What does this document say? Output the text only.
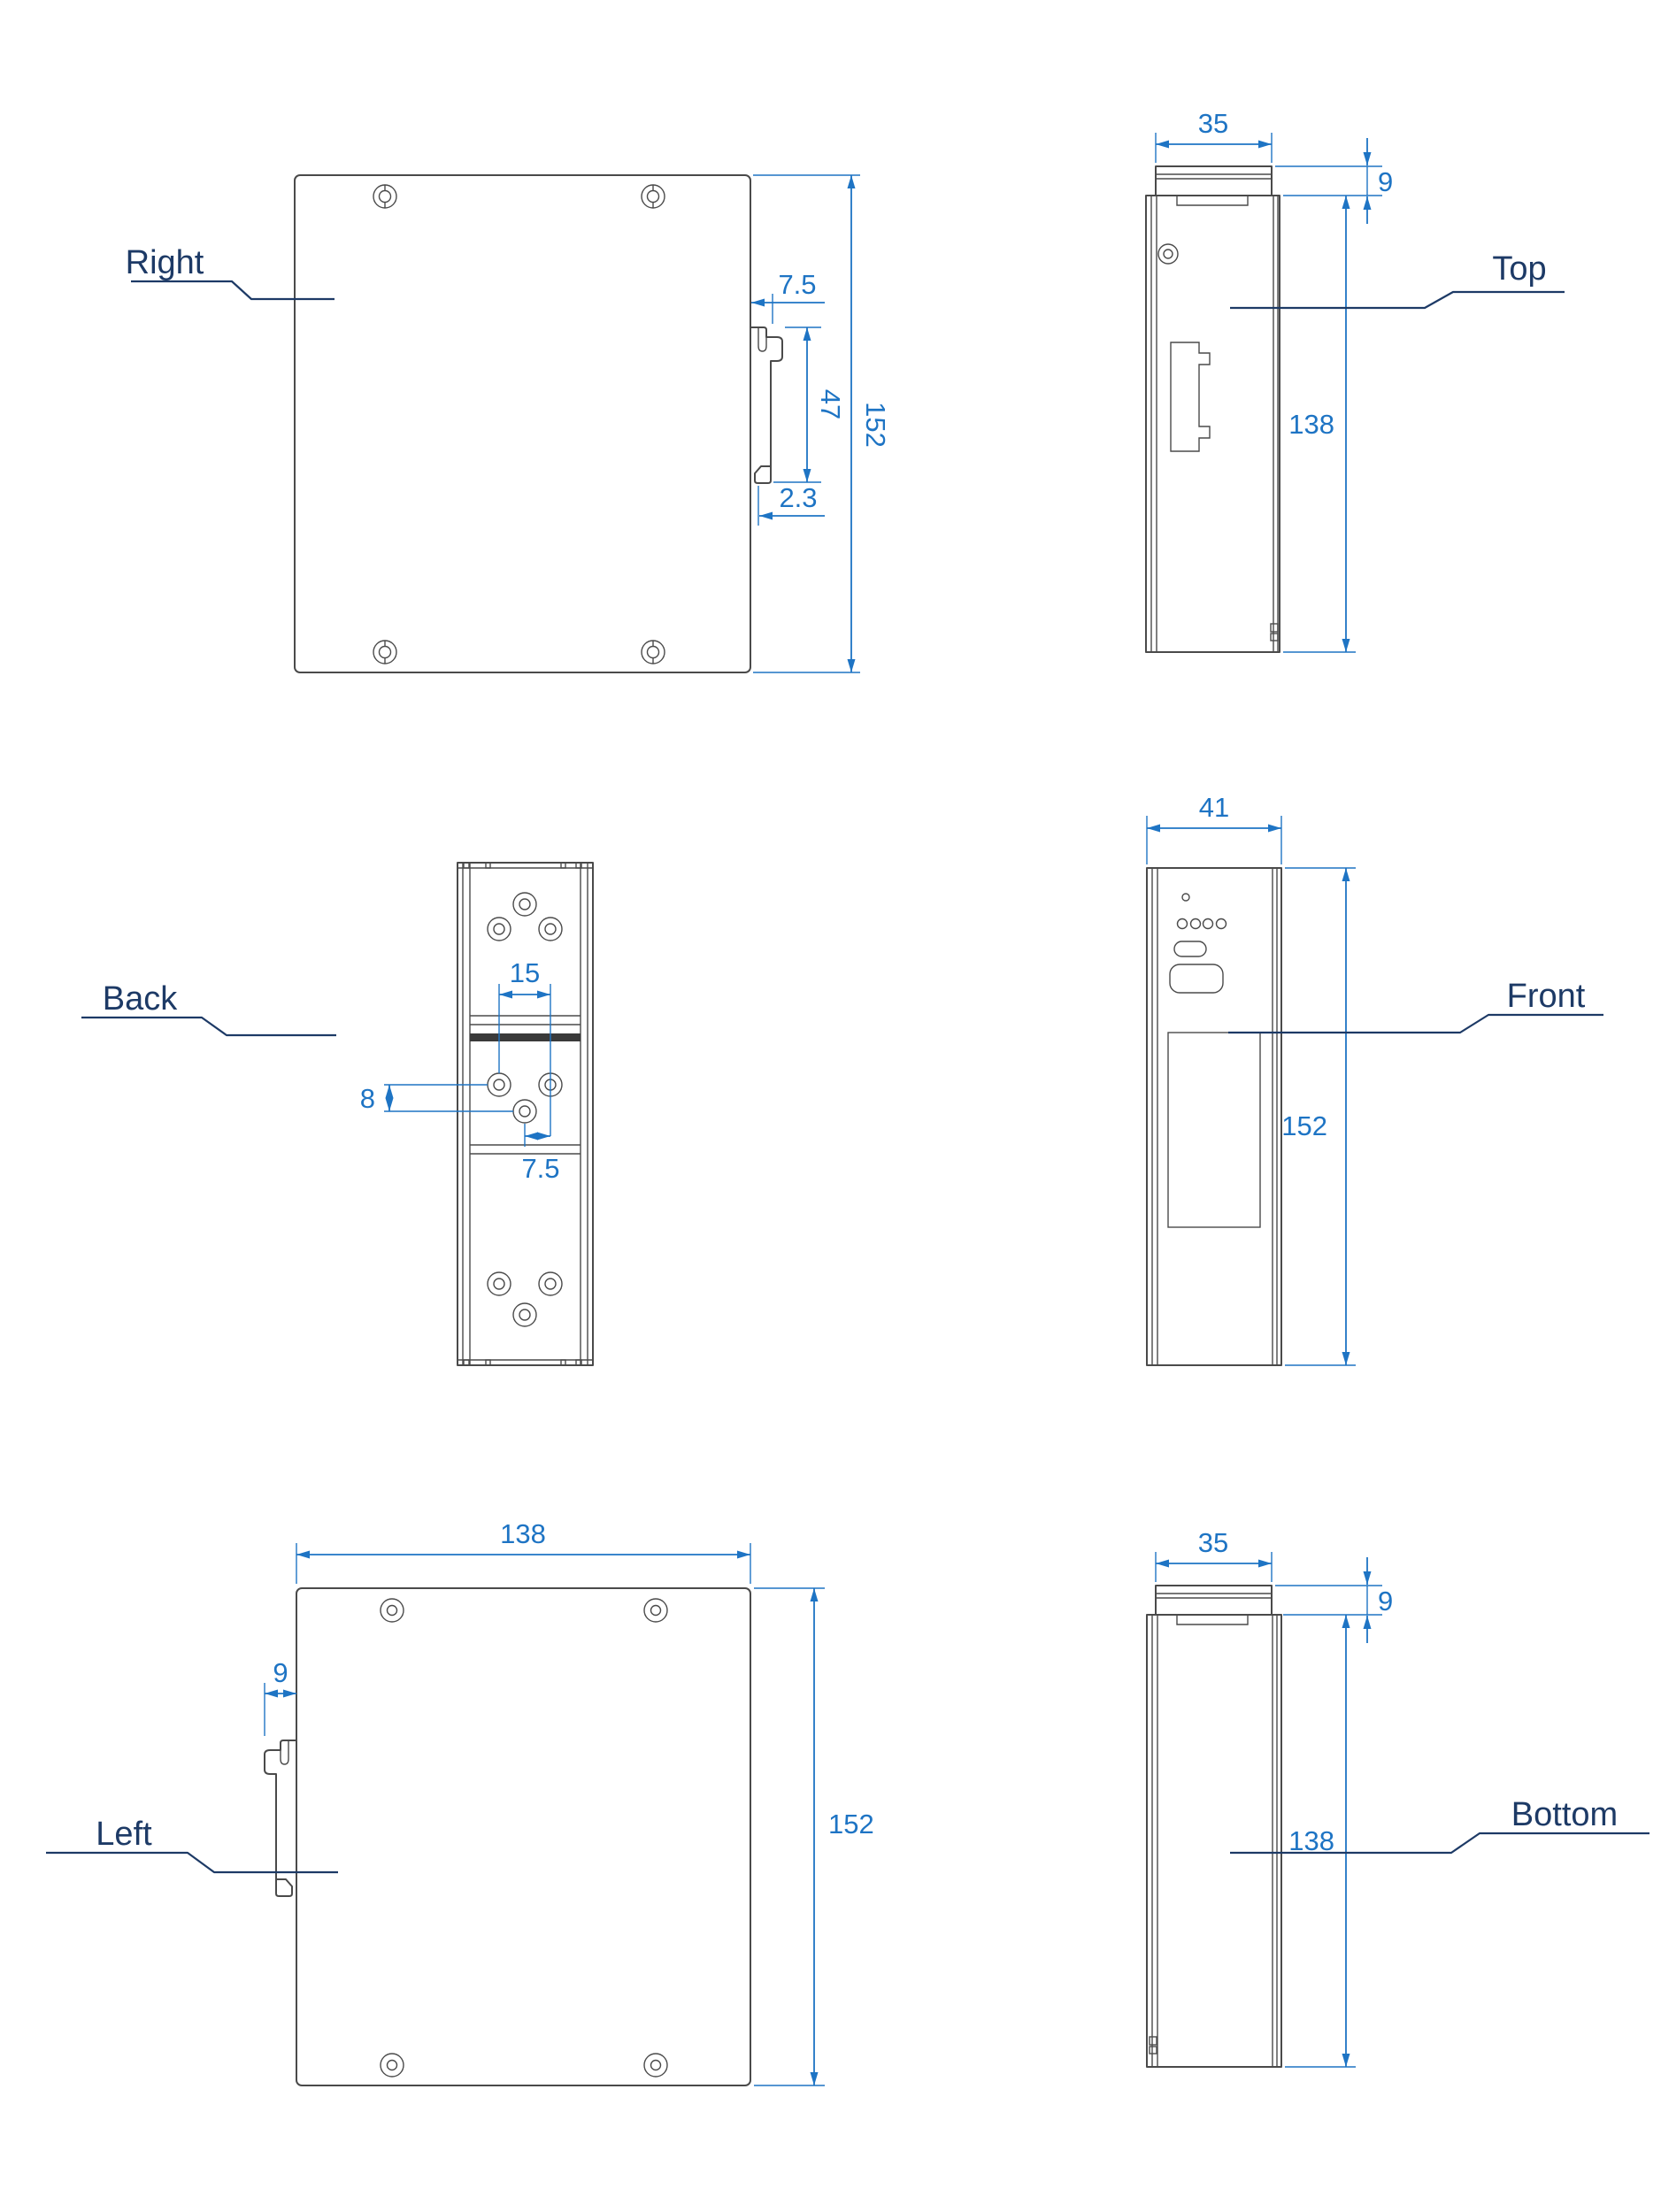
7.5
47
2.3
152
Right
35
9
138
Top
15
8
7.5
Back
41
152
Front
9
138
152
Left
35
9
138
Bottom
